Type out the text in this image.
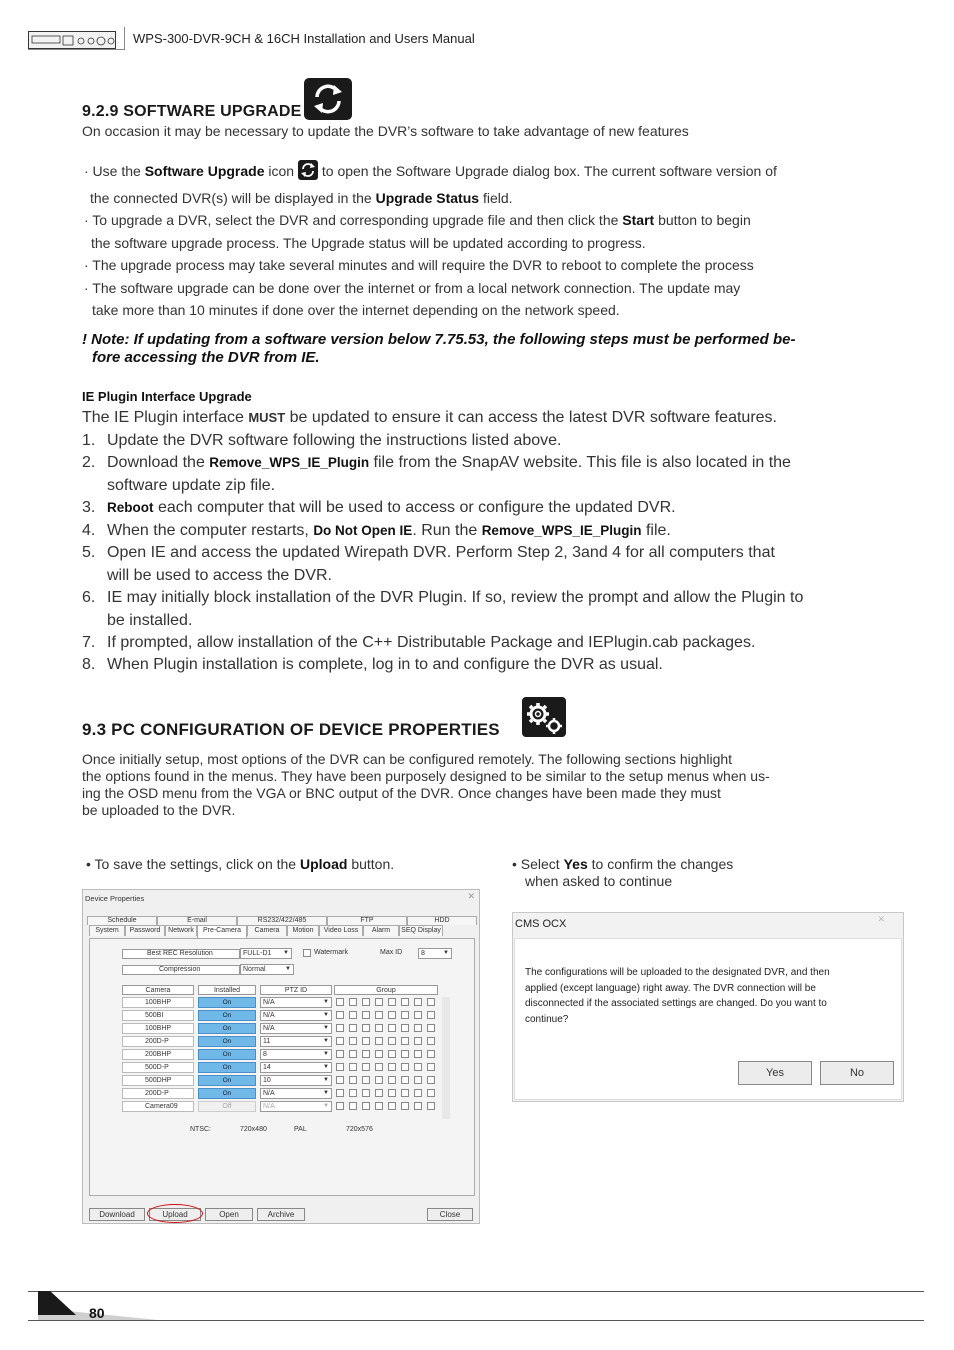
WPS-300-DVR-9CH & 16CH Installation and Users Manual
9.2.9 SOFTWARE UPGRADE

On occasion it may be necessary to update the DVR’s software to take advantage of new features

· Use the Software Upgrade icon  to open the Software Upgrade dialog box. The current software version of
the connected DVR(s) will be displayed in the Upgrade Status field.
· To upgrade a DVR, select the DVR and corresponding upgrade file and then click the Start button to begin
the software upgrade process. The Upgrade status will be updated according to progress.
· The upgrade process may take several minutes and will require the DVR to reboot to complete the process
· The software upgrade can be done over the internet or from a local network connection. The update may
take more than 10 minutes if done over the internet depending on the network speed.
! Note: If updating from a software version below 7.75.53, the following steps must be performed be-
fore accessing the DVR from IE.
IE Plugin Interface Upgrade
The IE Plugin interface MUST be updated to ensure it can access the latest DVR software features.
1. Update the DVR software following the instructions listed above.
2. Download the Remove_WPS_IE_Plugin file from the SnapAV website. This file is also located in the
software update zip file.
3. Reboot each computer that will be used to access or configure the updated DVR.
4. When the computer restarts, Do Not Open IE. Run the Remove_WPS_IE_Plugin file.
5. Open IE and access the updated Wirepath DVR. Perform Step 2, 3and 4 for all computers that
will be used to access the DVR.
6. IE may initially block installation of the DVR Plugin. If so, review the prompt and allow the Plugin to
be installed.
7. If prompted, allow installation of the C++ Distributable Package and IEPlugin.cab packages.
8. When Plugin installation is complete, log in to and configure the DVR as usual.
9.3 PC CONFIGURATION OF DEVICE PROPERTIES

Once initially setup, most options of the DVR can be configured remotely. The following sections highlight

the options found in the menus. They have been purposely designed to be similar to the setup menus when us-

ing the OSD menu from the VGA or BNC output of the DVR. Once changes have been made they must

be uploaded to the DVR.

• To save the settings, click on the Upload button.	• Select Yes to confirm the changes

when asked to continue

Device Properties	✕
Schedule	E-mail	RS232/422/485	FTP	HDD
System	Password	Network	Pre-Camera	Camera	Motion	Video Loss	Alarm	SEQ Display
Best REC Resolution	FULL-D1 ▼	Watermark	Max ID	8	▼
Compression	Normal	▼
Camera	Installed	PTZ ID	Group
100BHP	On	N/A	▼
500BI	On	N/A	▼
100BHP	On	N/A	▼
200D-P	On	11	▼
200BHP	On	8	▼
500D-P	On	14	▼
500DHP	On	10	▼
200D-P	On	N/A	▼
Camera09	Off	N/A	▼
NTSC:	720x480	PAL	720x576
Download	Upload	Open	Archive	Close
CMS OCX	✕
The configurations will be uploaded to the designated DVR, and then
applied (except language) right away. The DVR connection will be
disconnected if the associated settings are changed. Do you want to
continue?
Yes	No
80
